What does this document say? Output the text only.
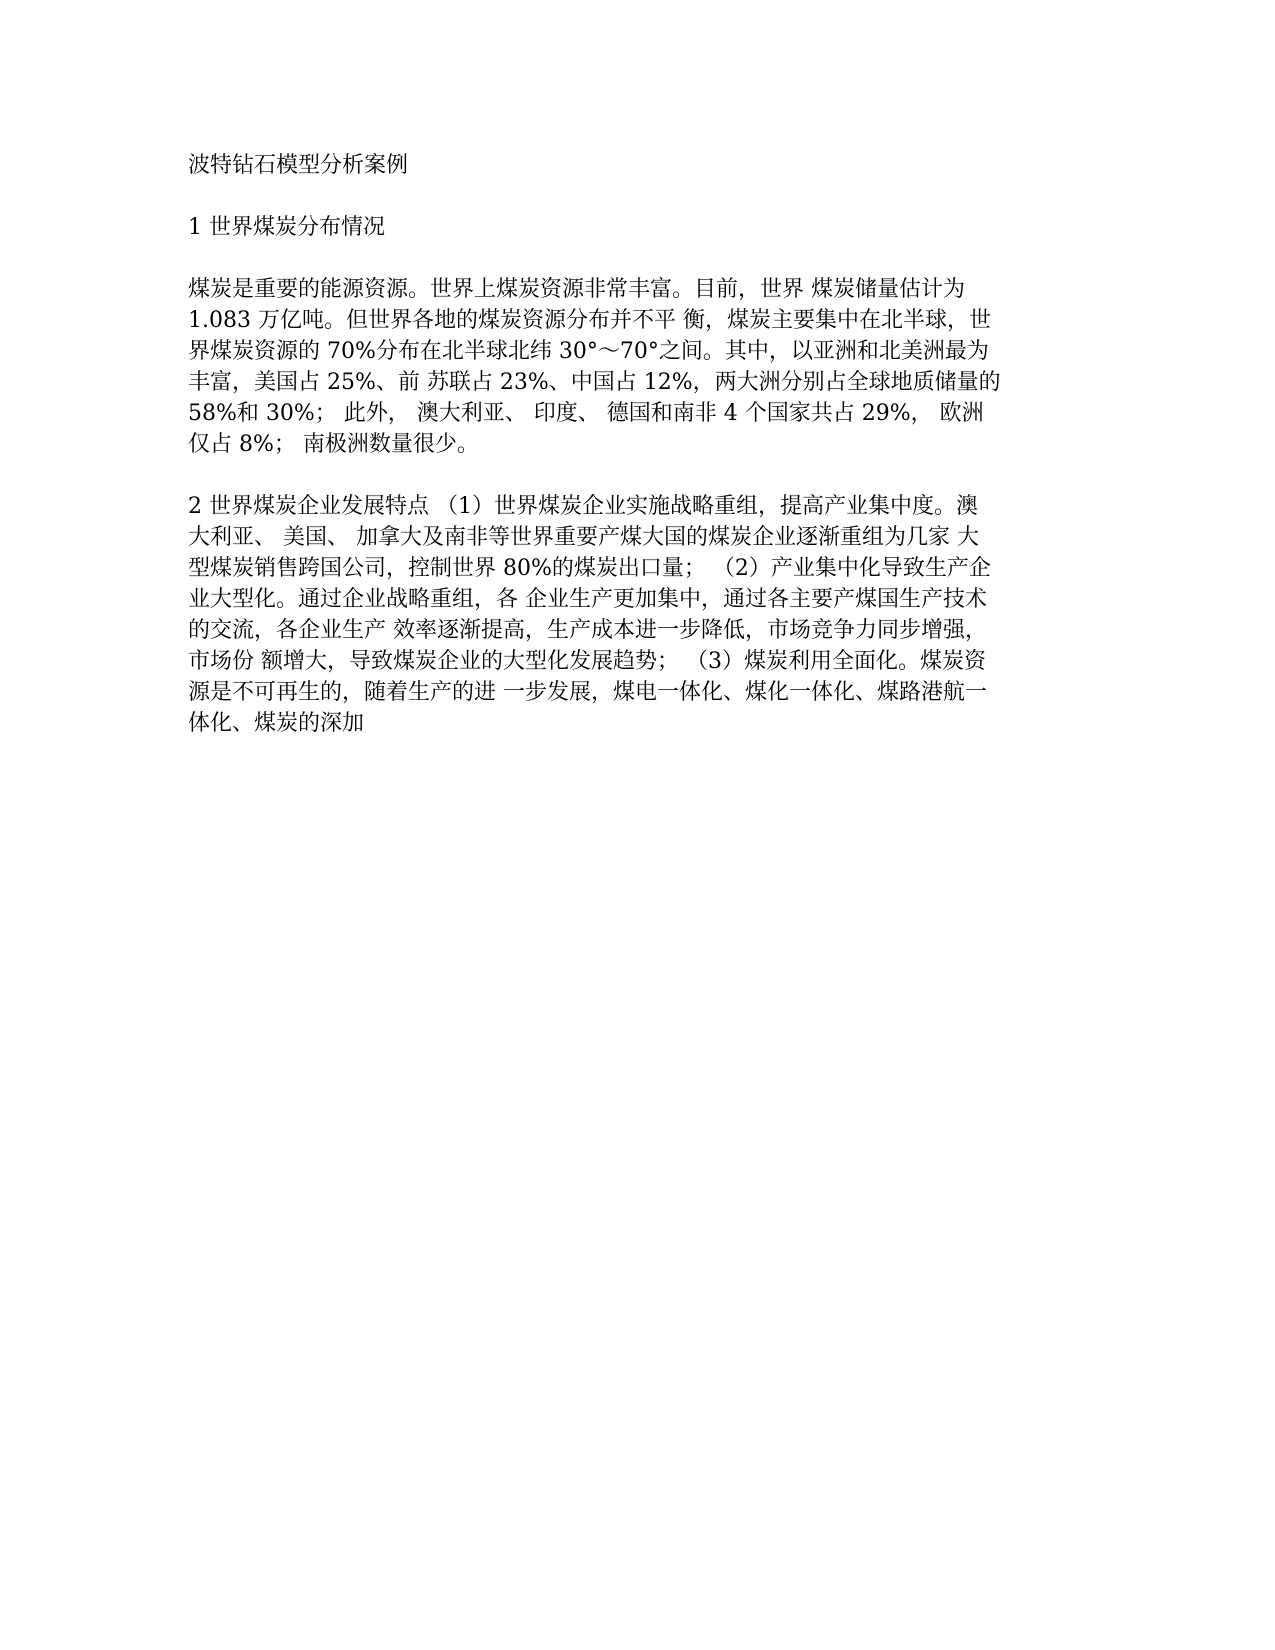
波特钻石模型分析案例

1 世界煤炭分布情况

煤炭是重要的能源资源。世界上煤炭资源非常丰富。目前，世界 煤炭储量估计为
1.083 万亿吨。但世界各地的煤炭资源分布并不平 衡，煤炭主要集中在北半球，世
界煤炭资源的 70%分布在北半球北纬 30°～70°之间。其中，以亚洲和北美洲最为
丰富，美国占 25%、前 苏联占 23%、中国占 12%，两大洲分别占全球地质储量的
58%和 30%； 此外， 澳大利亚、 印度、 德国和南非 4 个国家共占 29%， 欧洲
仅占 8%； 南极洲数量很少。

2 世界煤炭企业发展特点 （1）世界煤炭企业实施战略重组，提高产业集中度。澳
大利亚、 美国、 加拿大及南非等世界重要产煤大国的煤炭企业逐渐重组为几家 大
型煤炭销售跨国公司，控制世界 80%的煤炭出口量； （2）产业集中化导致生产企
业大型化。通过企业战略重组，各 企业生产更加集中，通过各主要产煤国生产技术
的交流，各企业生产 效率逐渐提高，生产成本进一步降低，市场竞争力同步增强，
市场份 额增大，导致煤炭企业的大型化发展趋势； （3）煤炭利用全面化。煤炭资
源是不可再生的，随着生产的进 一步发展，煤电一体化、煤化一体化、煤路港航一
体化、煤炭的深加
